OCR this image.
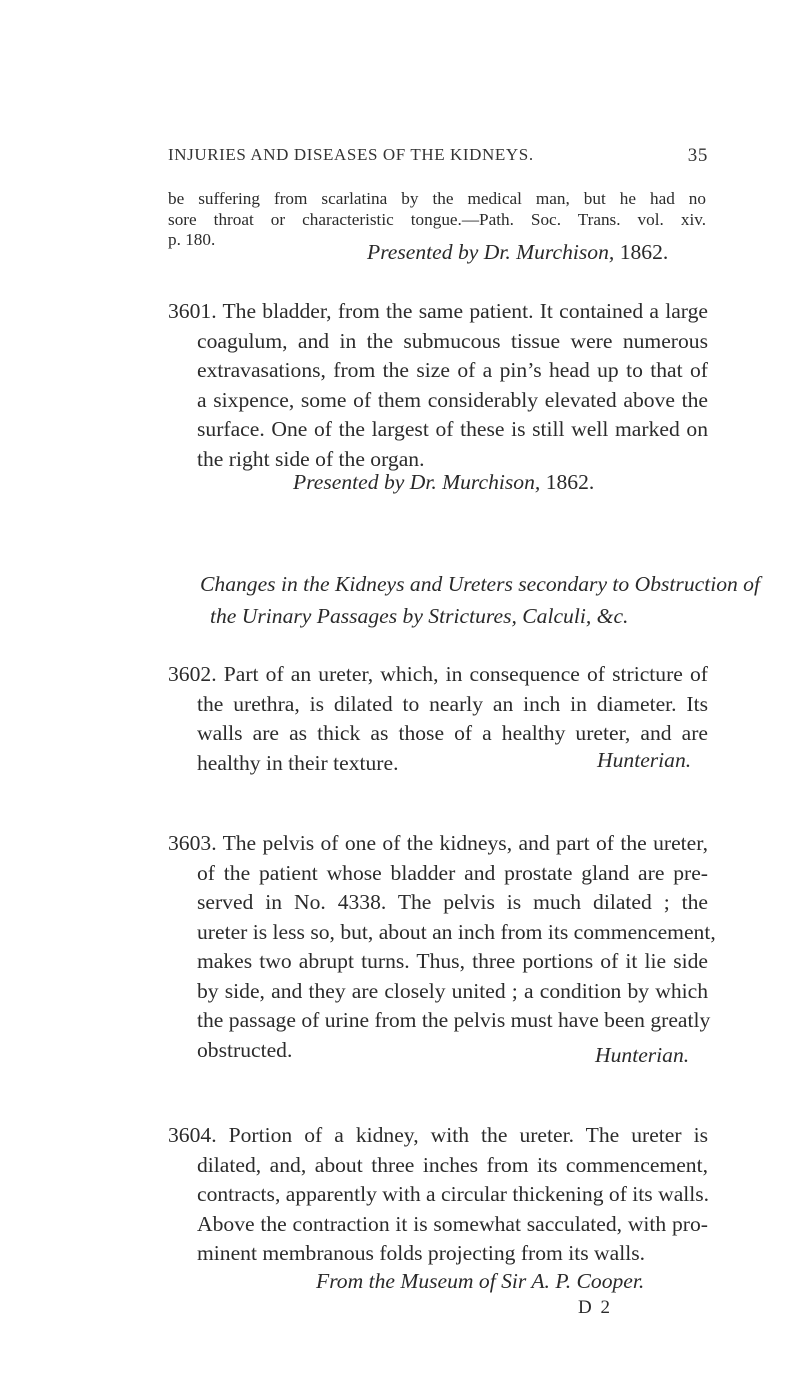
INJURIES AND DISEASES OF THE KIDNEYS.	35
be suffering from scarlatina by the medical man, but he had no
sore throat or characteristic tongue.—Path. Soc. Trans. vol. xiv.
p. 180.
Presented by Dr. Murchison, 1862.
3601. The bladder, from the same patient. It contained a large
coagulum, and in the submucous tissue were numerous
extravasations, from the size of a pin’s head up to that of
a sixpence, some of them considerably elevated above the
surface. One of the largest of these is still well marked on
the right side of the organ.
Presented by Dr. Murchison, 1862.
Changes in the Kidneys and Ureters secondary to Obstruction of
the Urinary Passages by Strictures, Calculi, &c.
3602. Part of an ureter, which, in consequence of stricture of
the urethra, is dilated to nearly an inch in diameter. Its
walls are as thick as those of a healthy ureter, and are
healthy in their texture.	Hunterian.
3603. The pelvis of one of the kidneys, and part of the ureter,
of the patient whose bladder and prostate gland are pre-
served in No. 4338. The pelvis is much dilated ; the
ureter is less so, but, about an inch from its commencement,
makes two abrupt turns. Thus, three portions of it lie side
by side, and they are closely united ; a condition by which
the passage of urine from the pelvis must have been greatly
obstructed.	Hunterian.
3604. Portion of a kidney, with the ureter. The ureter is
dilated, and, about three inches from its commencement,
contracts, apparently with a circular thickening of its walls.
Above the contraction it is somewhat sacculated, with pro-
minent membranous folds projecting from its walls.
From the Museum of Sir A. P. Cooper.
D 2
